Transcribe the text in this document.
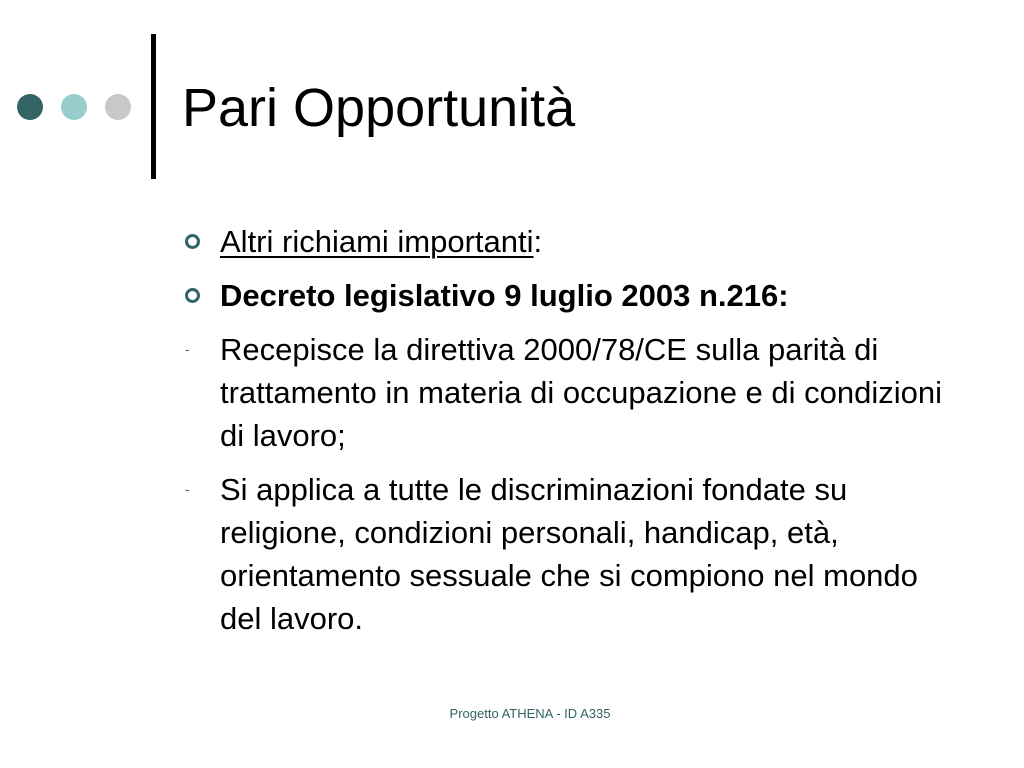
Pari Opportunità
Altri richiami importanti:
Decreto legislativo 9 luglio 2003 n.216:
- Recepisce la direttiva 2000/78/CE sulla parità di trattamento in materia di occupazione e di condizioni di lavoro;
- Si applica a tutte le discriminazioni fondate su religione, condizioni personali, handicap, età, orientamento sessuale che si compiono nel mondo del lavoro.
Progetto ATHENA - ID A335
